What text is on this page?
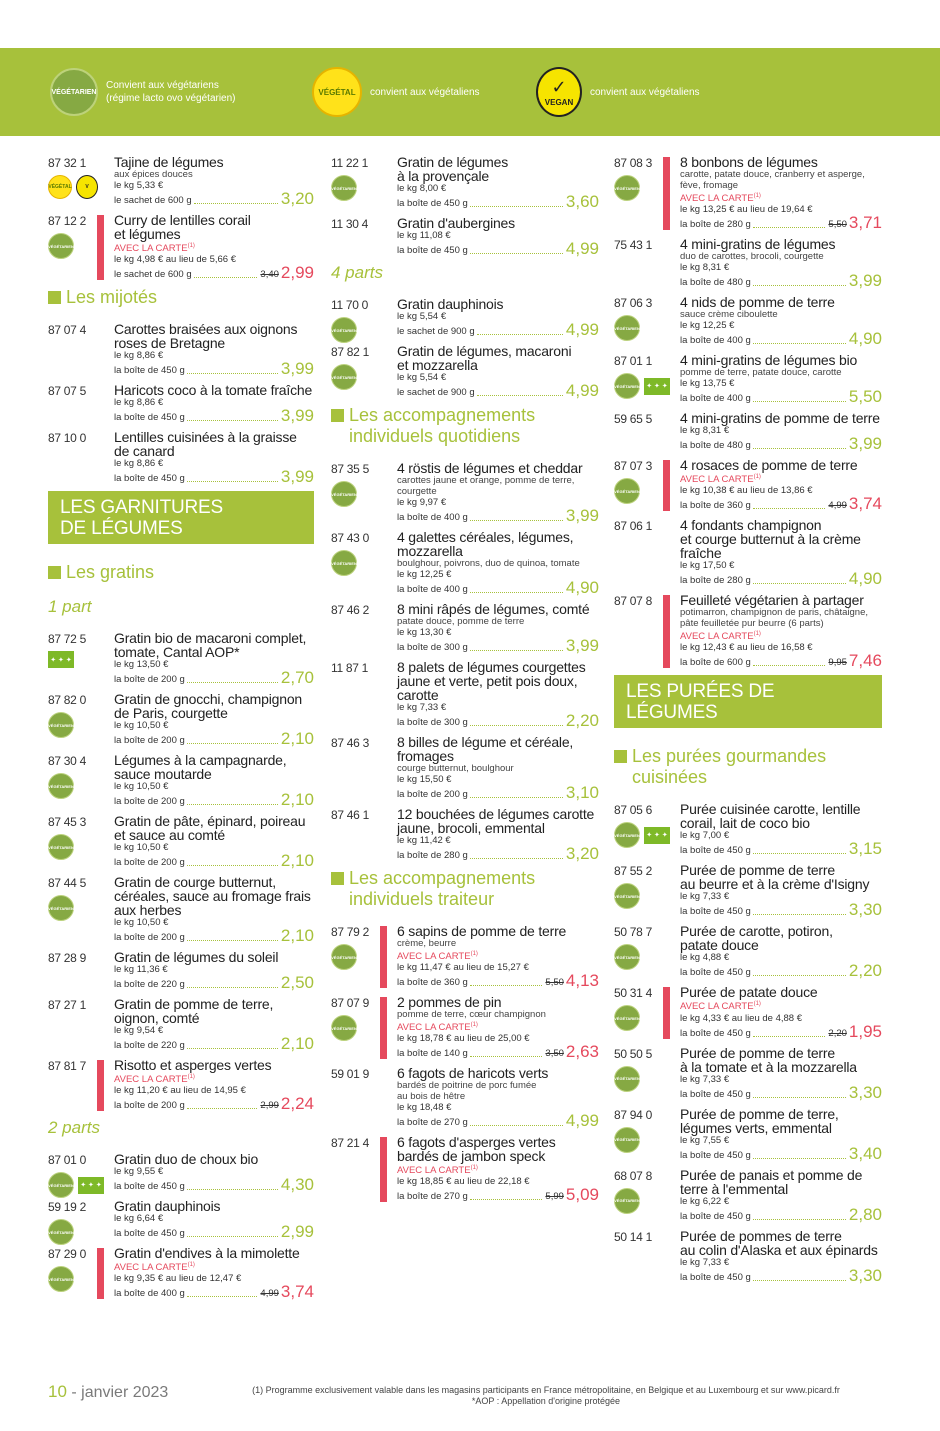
VÉGÉTARIEN
Convient aux végétariens
(régime lacto ovo végétarien)
VÉGÉTAL convient aux végétaliens	✓
VEGAN
convient aux végétaliens
87 32 1
VÉGÉTAL	V
Tajine de légumes
aux épices douces
le kg 5,33 €
le sachet de 600 g	3,20
87 12 2
VÉGÉTARIEN
Curry de lentilles corail
et légumes
AVEC LA CARTE$^{(1)}$
le kg 4,98 € au lieu de 5,66 €
le sachet de 600 g	3,40 2,99
Les mijotés
87 07 4 Carottes braisées aux oignons
roses de Bretagne
le kg 8,86 €
la boîte de 450 g	3,99
87 07 5 Haricots coco à la tomate fraîche
le kg 8,86 €
la boîte de 450 g	3,99
87 10 0 Lentilles cuisinées à la graisse
de canard
le kg 8,86 €
la boîte de 450 g	3,99
LES GARNITURES
DE LÉGUMES
Les gratins
1 part
87 72 5
✦ ✦ ✦
Gratin bio de macaroni complet,
tomate, Cantal AOP*
le kg 13,50 €
la boîte de 200 g	2,70
87 82 0
VÉGÉTARIEN
Gratin de gnocchi, champignon
de Paris, courgette
le kg 10,50 €
la boîte de 200 g	2,10
87 30 4
VÉGÉTARIEN
Légumes à la campagnarde,
sauce moutarde
le kg 10,50 €
la boîte de 200 g	2,10
87 45 3
VÉGÉTARIEN
Gratin de pâte, épinard, poireau
et sauce au comté
le kg 10,50 €
la boîte de 200 g	2,10
87 44 5
VÉGÉTARIEN
Gratin de courge butternut,
céréales, sauce au fromage frais
aux herbes
le kg 10,50 €
la boîte de 200 g	2,10
87 28 9 Gratin de légumes du soleil
le kg 11,36 €
la boîte de 220 g	2,50
87 27 1 Gratin de pomme de terre,
oignon, comté
le kg 9,54 €
la boîte de 220 g	2,10
87 81 7 Risotto et asperges vertes
AVEC LA CARTE$^{(1)}$
le kg 11,20 € au lieu de 14,95 €
la boîte de 200 g	2,99 2,24
2 parts
87 01 0
VÉGÉTARIEN ✦ ✦ ✦
Gratin duo de choux bio
le kg 9,55 €
la boîte de 450 g	4,30
59 19 2
VÉGÉTARIEN
Gratin dauphinois
le kg 6,64 €
la boîte de 450 g	2,99
87 29 0
VÉGÉTARIEN
Gratin d'endives à la mimolette
AVEC LA CARTE$^{(1)}$
le kg 9,35 € au lieu de 12,47 €
la boîte de 400 g	4,99 3,74
11 22 1
VÉGÉTARIEN
Gratin de légumes
à la provençale
le kg 8,00 €
la boîte de 450 g	3,60
11 30 4 Gratin d'aubergines
le kg 11,08 €
la boîte de 450 g	4,99
4 parts
11 70 0
VÉGÉTARIEN
Gratin dauphinois
le kg 5,54 €
le sachet de 900 g	4,99
87 82 1
VÉGÉTARIEN
Gratin de légumes, macaroni
et mozzarella
le kg 5,54 €
le sachet de 900 g	4,99
Les accompagnements
individuels quotidiens
87 35 5
VÉGÉTARIEN
4 röstis de légumes et cheddar
carottes jaune et orange, pomme de terre,
courgette
le kg 9,97 €
la boîte de 400 g	3,99
87 43 0
VÉGÉTARIEN
4 galettes céréales, légumes,
mozzarella
boulghour, poivrons, duo de quinoa, tomate
le kg 12,25 €
la boîte de 400 g	4,90
87 46 2 8 mini râpés de légumes, comté
patate douce, pomme de terre
le kg 13,30 €
la boîte de 300 g	3,99
11 87 1 8 palets de légumes courgettes
jaune et verte, petit pois doux,
carotte
le kg 7,33 €
la boîte de 300 g	2,20
87 46 3 8 billes de légume et céréale,
fromages
courge butternut, boulghour
le kg 15,50 €
la boîte de 200 g	3,10
87 46 1 12 bouchées de légumes carotte
jaune, brocoli, emmental
le kg 11,42 €
la boîte de 280 g	3,20
Les accompagnements
individuels traiteur
87 79 2
VÉGÉTARIEN
6 sapins de pomme de terre
crème, beurre
AVEC LA CARTE$^{(1)}$
le kg 11,47 € au lieu de 15,27 €
la boîte de 360 g	5,50 4,13
87 07 9
VÉGÉTARIEN
2 pommes de pin
pomme de terre, cœur champignon
AVEC LA CARTE$^{(1)}$
le kg 18,78 € au lieu de 25,00 €
la boîte de 140 g	3,50 2,63
59 01 9 6 fagots de haricots verts
bardés de poitrine de porc fumée
au bois de hêtre
le kg 18,48 €
la boîte de 270 g	4,99
87 21 4 6 fagots d'asperges vertes
bardés de jambon speck
AVEC LA CARTE$^{(1)}$
le kg 18,85 € au lieu de 22,18 €
la boîte de 270 g	5,99 5,09
87 08 3
VÉGÉTARIEN
8 bonbons de légumes
carotte, patate douce, cranberry et asperge,
fève, fromage
AVEC LA CARTE$^{(1)}$
le kg 13,25 € au lieu de 19,64 €
la boîte de 280 g	5,50 3,71
75 43 1 4 mini-gratins de légumes
duo de carottes, brocoli, courgette
le kg 8,31 €
la boîte de 480 g	3,99
87 06 3
VÉGÉTARIEN
4 nids de pomme de terre
sauce crème ciboulette
le kg 12,25 €
la boîte de 400 g	4,90
87 01 1
VÉGÉTARIEN ✦ ✦ ✦
4 mini-gratins de légumes bio
pomme de terre, patate douce, carotte
le kg 13,75 €
la boîte de 400 g	5,50
59 65 5 4 mini-gratins de pomme de terre
le kg 8,31 €
la boîte de 480 g	3,99
87 07 3
VÉGÉTARIEN
4 rosaces de pomme de terre
AVEC LA CARTE$^{(1)}$
le kg 10,38 € au lieu de 13,86 €
la boîte de 360 g	4,99 3,74
87 06 1 4 fondants champignon
et courge butternut à la crème
fraîche
le kg 17,50 €
la boîte de 280 g	4,90
87 07 8 Feuilleté végétarien à partager
potimarron, champignon de paris, châtaigne,
pâte feuilletée pur beurre (6 parts)
AVEC LA CARTE$^{(1)}$
le kg 12,43 € au lieu de 16,58 €
la boîte de 600 g	9,95 7,46
LES PURÉES DE LÉGUMES
Les purées gourmandes
cuisinées
87 05 6
VÉGÉTARIEN ✦ ✦ ✦
Purée cuisinée carotte, lentille
corail, lait de coco bio
le kg 7,00 €
la boîte de 450 g	3,15
87 55 2
VÉGÉTARIEN
Purée de pomme de terre
au beurre et à la crème d'Isigny
le kg 7,33 €
la boîte de 450 g	3,30
50 78 7
VÉGÉTARIEN
Purée de carotte, potiron,
patate douce
le kg 4,88 €
la boîte de 450 g	2,20
50 31 4
VÉGÉTARIEN
Purée de patate douce
AVEC LA CARTE$^{(1)}$
le kg 4,33 € au lieu de 4,88 €
la boîte de 450 g	2,20 1,95
50 50 5
VÉGÉTARIEN
Purée de pomme de terre
à la tomate et à la mozzarella
le kg 7,33 €
la boîte de 450 g	3,30
87 94 0
VÉGÉTARIEN
Purée de pomme de terre,
légumes verts, emmental
le kg 7,55 €
la boîte de 450 g	3,40
68 07 8
VÉGÉTARIEN
Purée de panais et pomme de
terre à l'emmental
le kg 6,22 €
la boîte de 450 g	2,80
50 14 1 Purée de pommes de terre
au colin d'Alaska et aux épinards
le kg 7,33 €
la boîte de 450 g	3,30
10 - janvier 2023	(1) Programme exclusivement valable dans les magasins participants en France métropolitaine, en Belgique et au Luxembourg et sur www.picard.fr
*AOP : Appellation d'origine protégée
